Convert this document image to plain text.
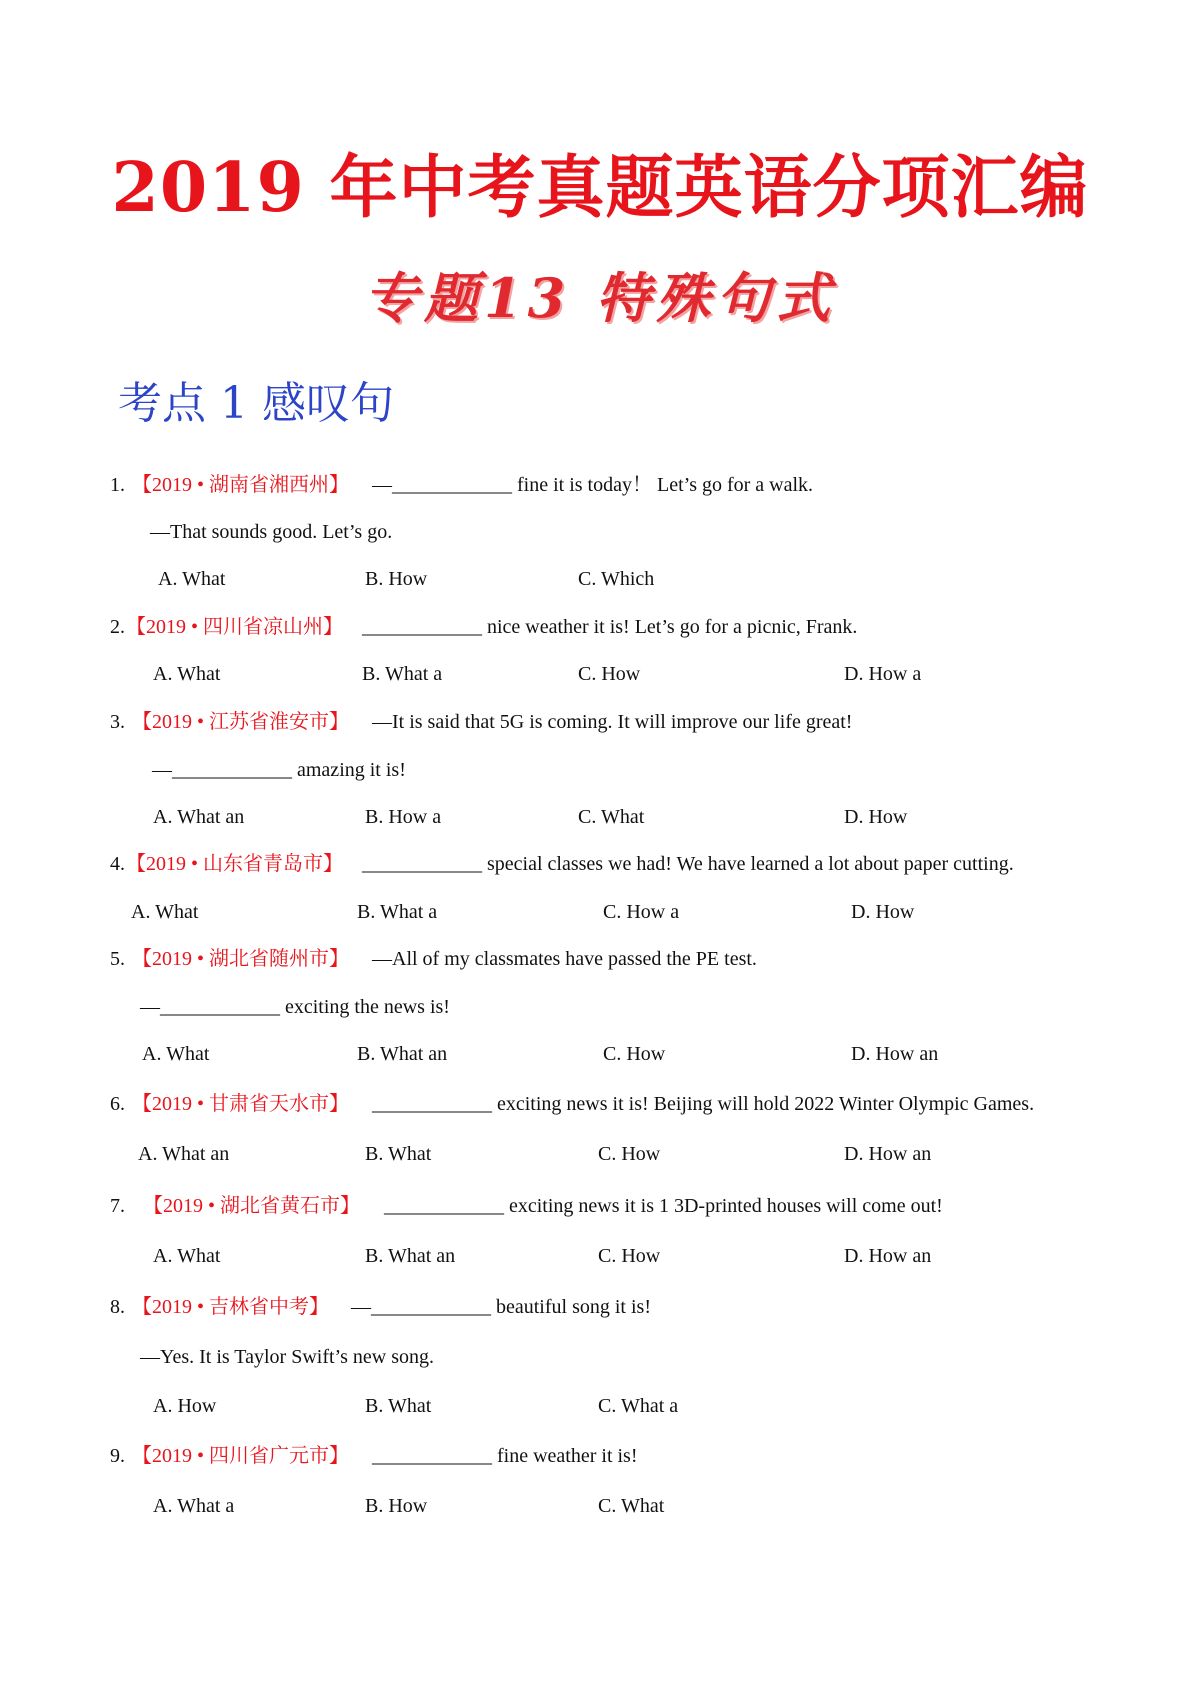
2019 年中考真题英语分项汇编
专题13 特殊句式
考点 1 感叹句
1. 【2019 • 湖南省湘西州】 —____________ fine it is today！ Let’s go for a walk.
—That sounds good. Let’s go.
A. What	B. How	C. Which
2. 【2019 • 四川省凉山州】 ____________ nice weather it is! Let’s go for a picnic, Frank.
A. What	B. What a	C. How	D. How a
3. 【2019 • 江苏省淮安市】 —It is said that 5G is coming. It will improve our life great!
—____________ amazing it is!
A. What an	B. How a	C. What	D. How
4. 【2019 • 山东省青岛市】 ____________ special classes we had! We have learned a lot about paper cutting.
A. What	B. What a	C. How a	D. How
5. 【2019 • 湖北省随州市】 —All of my classmates have passed the PE test.
—____________ exciting the news is!
A. What	B. What an	C. How	D. How an
6. 【2019 • 甘肃省天水市】 ____________ exciting news it is! Beijing will hold 2022 Winter Olympic Games.
A. What an	B. What	C. How	D. How an
7. 【2019 • 湖北省黄石市】 ____________ exciting news it is 1 3D-printed houses will come out!
A. What	B. What an	C. How	D. How an
8. 【2019 • 吉林省中考】 —____________ beautiful song it is!
—Yes. It is Taylor Swift’s new song.
A. How	B. What	C. What a
9. 【2019 • 四川省广元市】 ____________ fine weather it is!
A. What a	B. How	C. What
